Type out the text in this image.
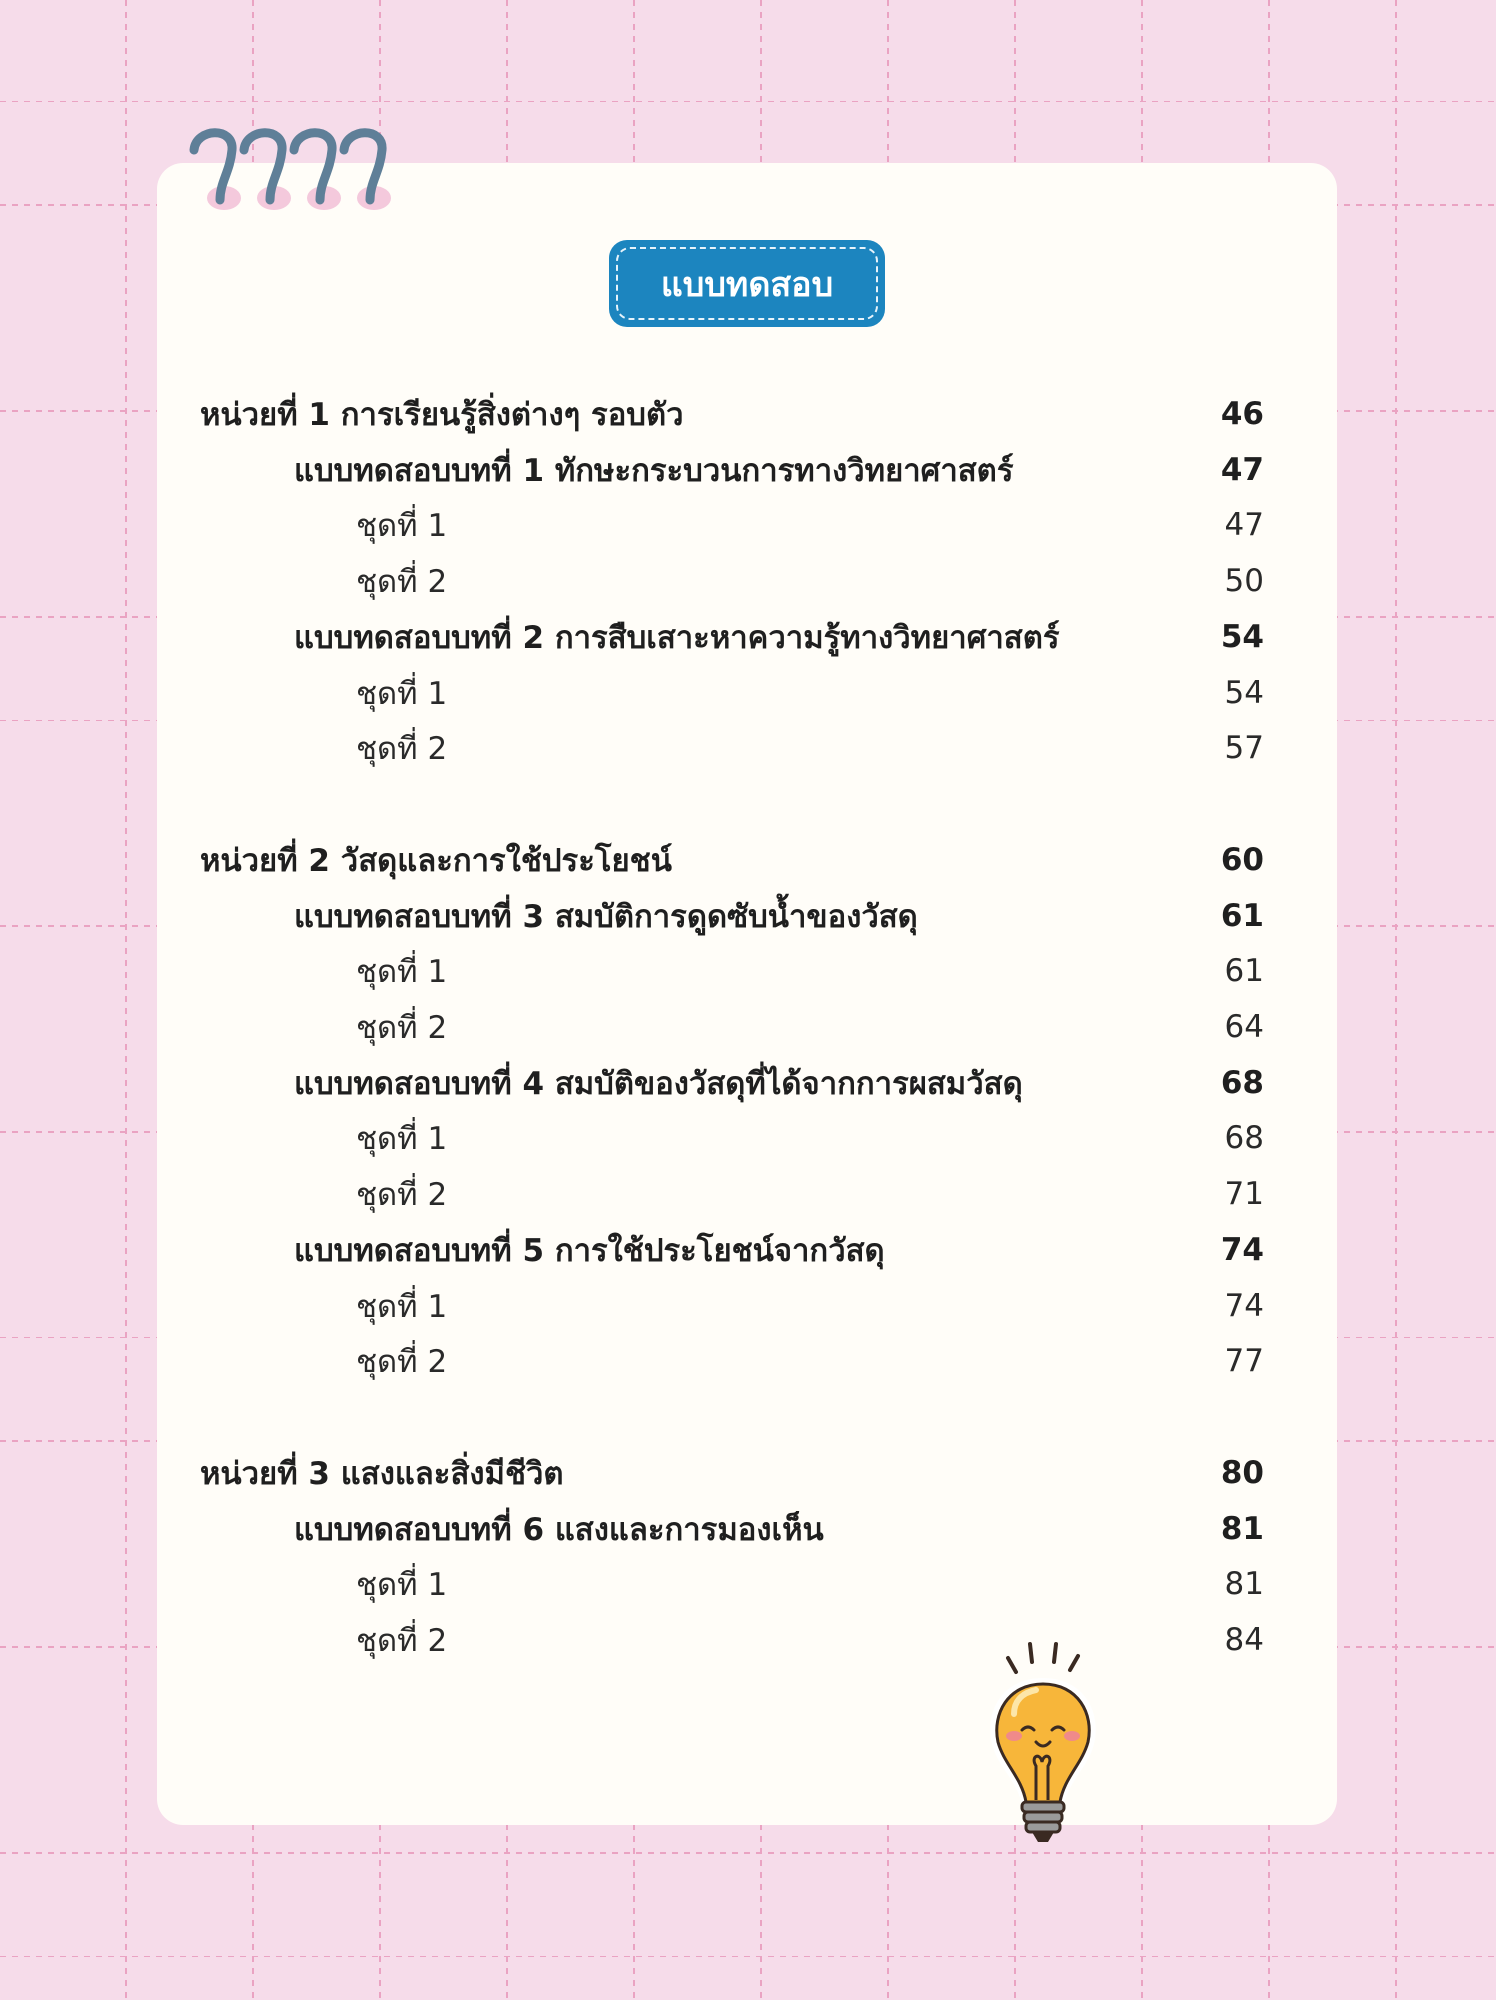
แบบทดสอบ
หน่วยที่ 1 การเรียนรู้สิ่งต่างๆ รอบตัว	46
แบบทดสอบบทที่ 1 ทักษะกระบวนการทางวิทยาศาสตร์	47
ชุดที่ 1	47
ชุดที่ 2	50
แบบทดสอบบทที่ 2 การสืบเสาะหาความรู้ทางวิทยาศาสตร์	54
ชุดที่ 1	54
ชุดที่ 2	57
หน่วยที่ 2 วัสดุและการใช้ประโยชน์	60
แบบทดสอบบทที่ 3 สมบัติการดูดซับน้ำของวัสดุ	61
ชุดที่ 1	61
ชุดที่ 2	64
แบบทดสอบบทที่ 4 สมบัติของวัสดุที่ได้จากการผสมวัสดุ	68
ชุดที่ 1	68
ชุดที่ 2	71
แบบทดสอบบทที่ 5 การใช้ประโยชน์จากวัสดุ	74
ชุดที่ 1	74
ชุดที่ 2	77
หน่วยที่ 3 แสงและสิ่งมีชีวิต	80
แบบทดสอบบทที่ 6 แสงและการมองเห็น	81
ชุดที่ 1	81
ชุดที่ 2	84
